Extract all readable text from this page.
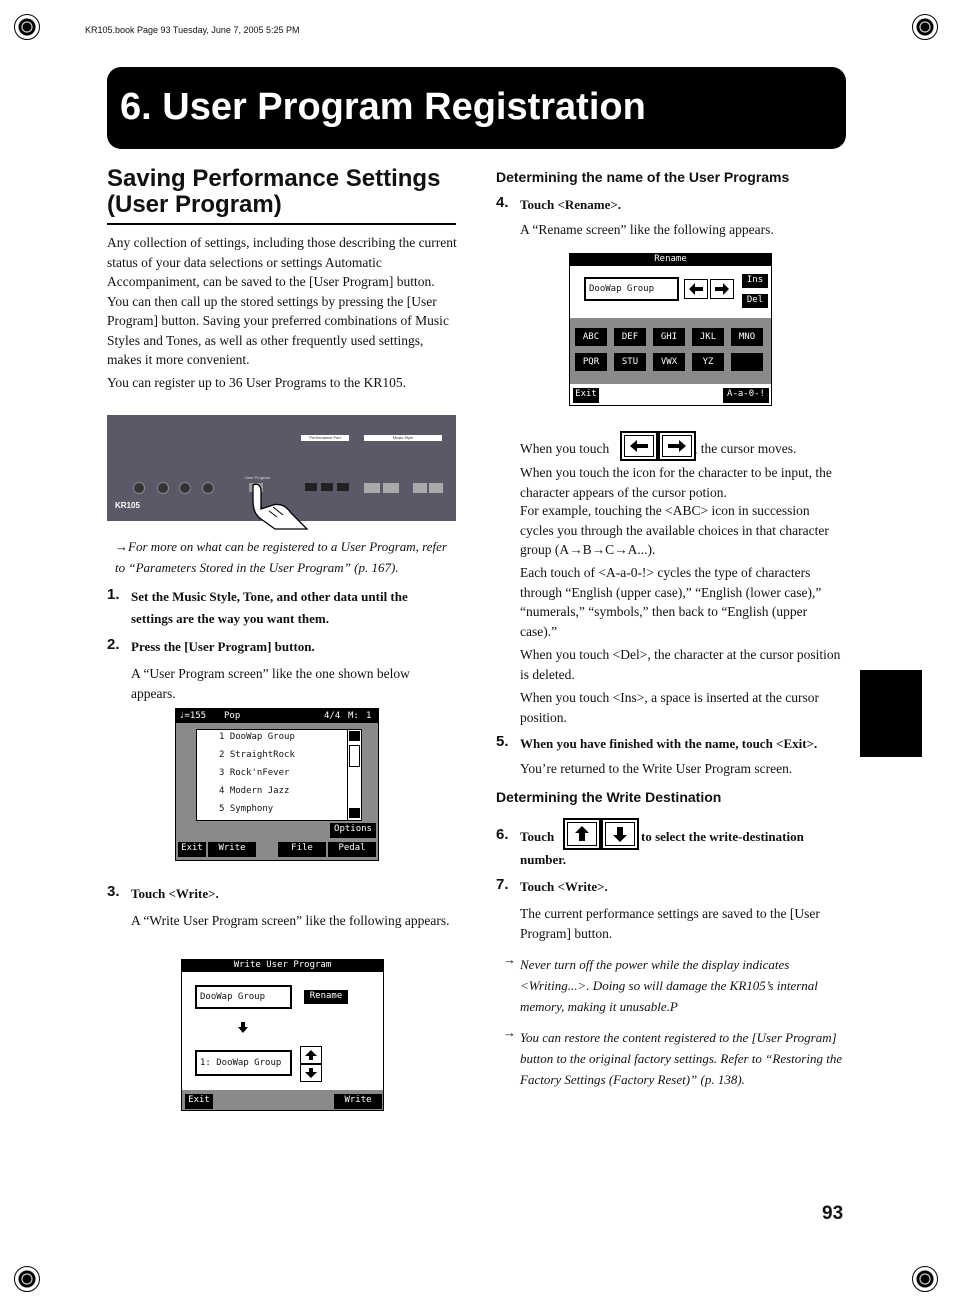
KR105.book Page 93 Tuesday, June 7, 2005 5:25 PM
6. User Program Registration
93
Saving Performance Settings (User Program)
Any collection of settings, including those describing the current status of your data selections or settings Automatic Accompaniment, can be saved to the [User Program] button. You can then call up the stored settings by pressing the [User Program] button. Saving your preferred combinations of Music Styles and Tones, as well as other frequently used settings, makes it more convenient.
You can register up to 36 User Programs to the KR105.
KR105
Performance Pad	Music Style
User Program
→For more on what can be registered to a User Program, refer to “Parameters Stored in the User Program” (p. 167).
1. Set the Music Style, Tone, and other data until the settings are the way you want them.
2. Press the [User Program] button.
A “User Program screen” like the one shown below appears.
♩=155 Pop	4/4 M: 1
1 DooWap Group
2 StraightRock
3 Rock'nFever
4 Modern Jazz
5 Symphony
Options
Exit	Write	File	Pedal
3. Touch <Write>.
A “Write User Program screen” like the following appears.
Write User Program
DooWap Group	Rename
1: DooWap Group
Exit	Write
Determining the name of the User Programs
4. Touch <Rename>.
A “Rename screen” like the following appears.
Rename
DooWap Group
Ins
Del
ABC	DEF	GHI	JKL	MNO
PQR	STU	VWX	YZ
Exit	A-a-0-!
When you touch	, the cursor moves.
When you touch the icon for the character to be input, the character appears of the cursor potion.
For example, touching the <ABC> icon in succession cycles you through the available choices in that character group (A→B→C→A...).
Each touch of <A-a-0-!> cycles the type of characters through “English (upper case),” “English (lower case),” “numerals,” “symbols,” then back to “English (upper case).”
When you touch <Del>, the character at the cursor position is deleted.
When you touch <Ins>, a space is inserted at the cursor position.
5. When you have finished with the name, touch <Exit>.
You’re returned to the Write User Program screen.
Determining the Write Destination
6. Touch	to select the write-destination
number.
7. Touch <Write>.
The current performance settings are saved to the [User Program] button.
→ Never turn off the power while the display indicates <Writing...>. Doing so will damage the KR105’s internal memory, making it unusable.P
→ You can restore the content registered to the [User Program] button to the original factory settings. Refer to “Restoring the Factory Settings (Factory Reset)” (p. 138).
